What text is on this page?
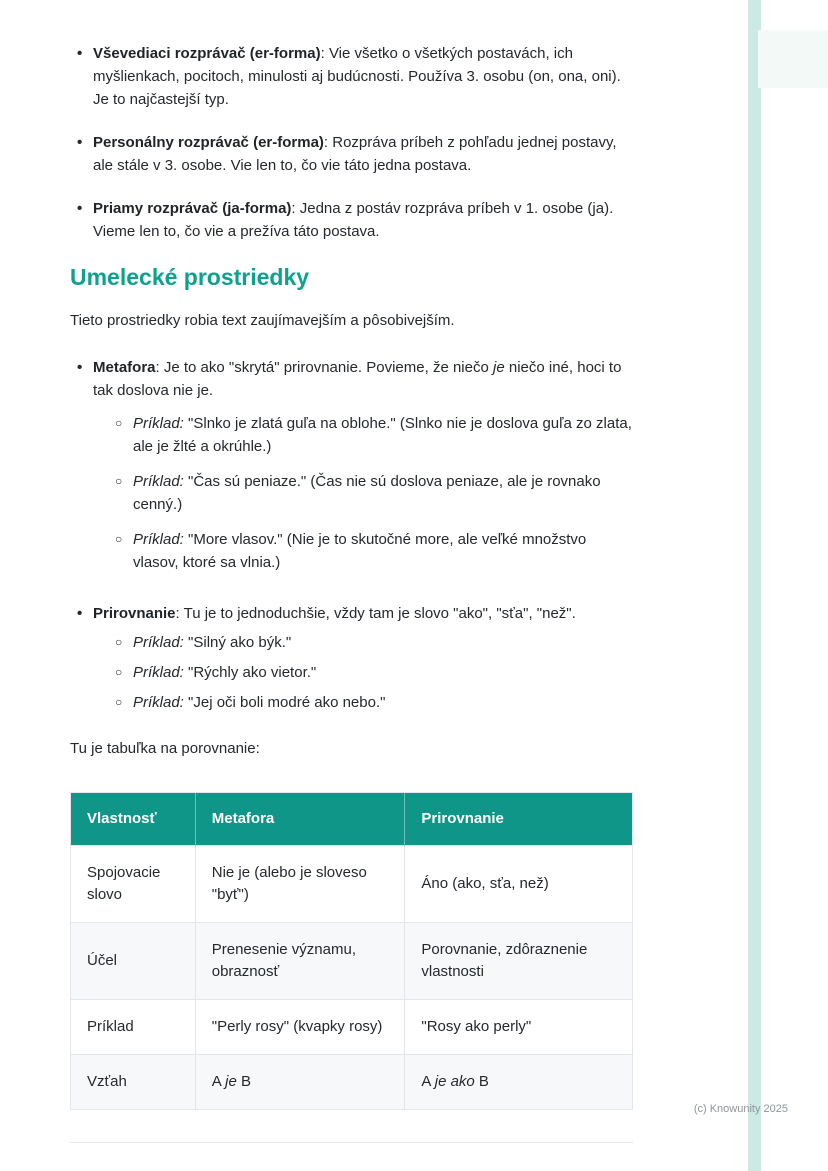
• Vševediaci rozprávač (er-forma): Vie všetko o všetkých postavách, ich myšlienkach, pocitoch, minulosti aj budúcnosti. Používa 3. osobu (on, ona, oni). Je to najčastejší typ.

• Personálny rozprávač (er-forma): Rozpráva príbeh z pohľadu jednej postavy, ale stále v 3. osobe. Vie len to, čo vie táto jedna postava.

• Priamy rozprávač (ja-forma): Jedna z postáv rozpráva príbeh v 1. osobe (ja). Vieme len to, čo vie a prežíva táto postava.

Umelecké prostriedky

Tieto prostriedky robia text zaujímavejším a pôsobivejším.

• Metafora: Je to ako "skrytá" prirovnanie. Povieme, že niečo je niečo iné, hoci to tak doslova nie je.

○ Príklad: "Slnko je zlatá guľa na oblohe." (Slnko nie je doslova guľa zo zlata, ale je žlté a okrúhle.)

○ Príklad: "Čas sú peniaze." (Čas nie sú doslova peniaze, ale je rovnako cenný.)

○ Príklad: "More vlasov." (Nie je to skutočné more, ale veľké množstvo vlasov, ktoré sa vlnia.)

• Prirovnanie: Tu je to jednoduchšie, vždy tam je slovo "ako", "sťa", "než".

○ Príklad: "Silný ako býk."

○ Príklad: "Rýchly ako vietor."

○ Príklad: "Jej oči boli modré ako nebo."

Tu je tabuľka na porovnanie:

Vlastnosť	Metafora	Prirovnanie
Spojovacie slovo	Nie je (alebo je sloveso "byť")	Áno (ako, sťa, než)
Účel	Prenesenie významu, obraznosť	Porovnanie, zdôraznenie vlastnosti
Príklad	"Perly rosy" (kvapky rosy)	"Rosy ako perly"
Vzťah	A je B	A je ako B
(c) Knowunity 2025
